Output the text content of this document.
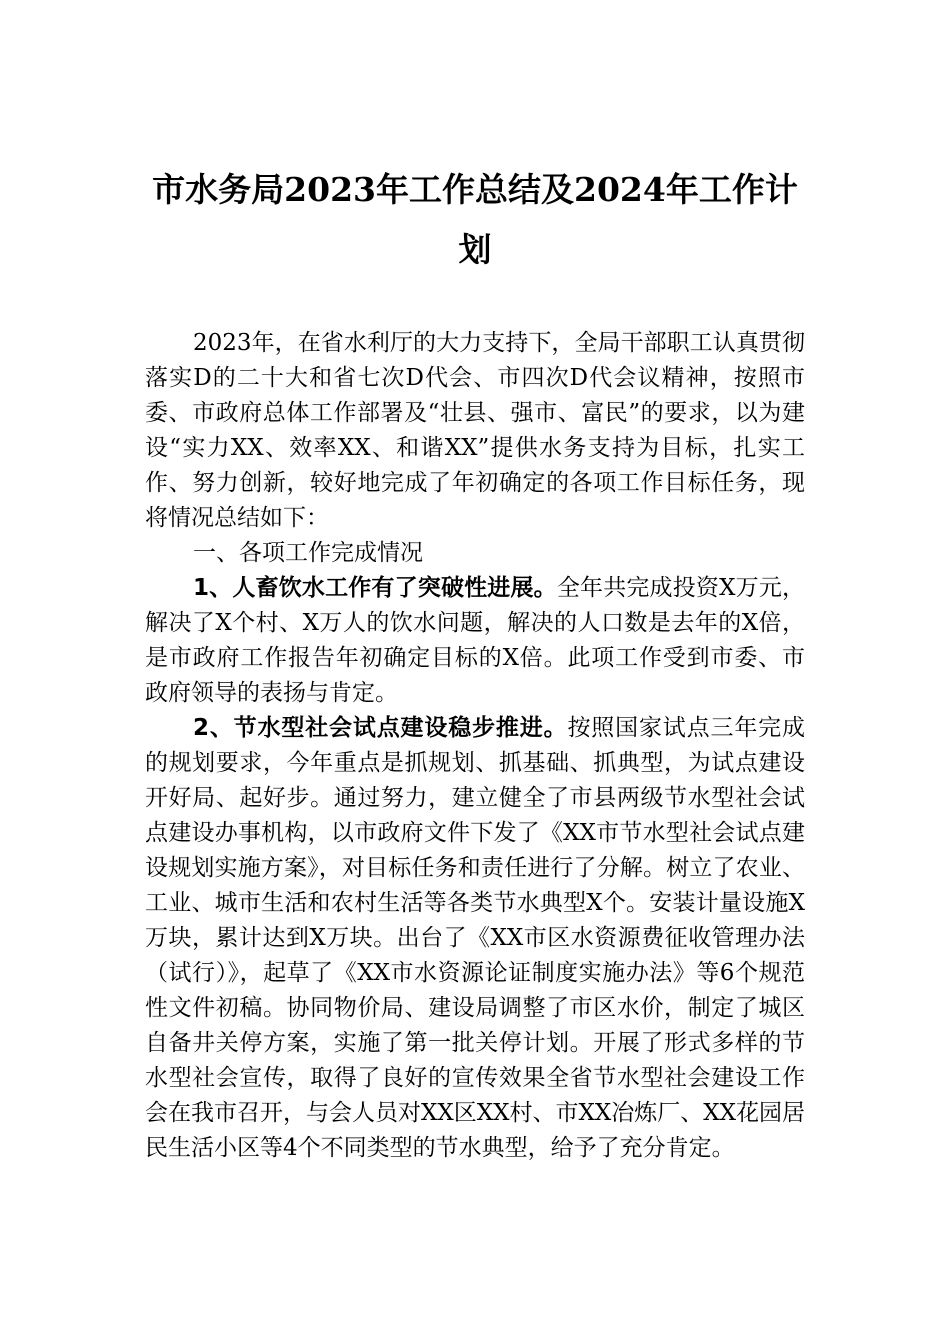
市水务局2023年工作总结及2024年工作计划

2023年，在省水利厅的大力支持下，全局干部职工认真贯彻落实D的二十大和省七次D代会、市四次D代会议精神，按照市委、市政府总体工作部署及“壮县、强市、富民”的要求，以为建设“实力XX、效率XX、和谐XX”提供水务支持为目标，扎实工作、努力创新，较好地完成了年初确定的各项工作目标任务，现将情况总结如下：

一、各项工作完成情况

1、人畜饮水工作有了突破性进展。全年共完成投资X万元，解决了X个村、X万人的饮水问题，解决的人口数是去年的X倍，是市政府工作报告年初确定目标的X倍。此项工作受到市委、市政府领导的表扬与肯定。

2、节水型社会试点建设稳步推进。按照国家试点三年完成的规划要求，今年重点是抓规划、抓基础、抓典型，为试点建设开好局、起好步。通过努力，建立健全了市县两级节水型社会试点建设办事机构，以市政府文件下发了《XX市节水型社会试点建设规划实施方案》，对目标任务和责任进行了分解。树立了农业、工业、城市生活和农村生活等各类节水典型X个。安装计量设施X万块，累计达到X万块。出台了《XX市区水资源费征收管理办法（试行）》，起草了《XX市水资源论证制度实施办法》等6个规范性文件初稿。协同物价局、建设局调整了市区水价，制定了城区自备井关停方案，实施了第一批关停计划。开展了形式多样的节水型社会宣传，取得了良好的宣传效果全省节水型社会建设工作会在我市召开，与会人员对XX区XX村、市XX冶炼厂、XX花园居民生活小区等4个不同类型的节水典型，给予了充分肯定。
